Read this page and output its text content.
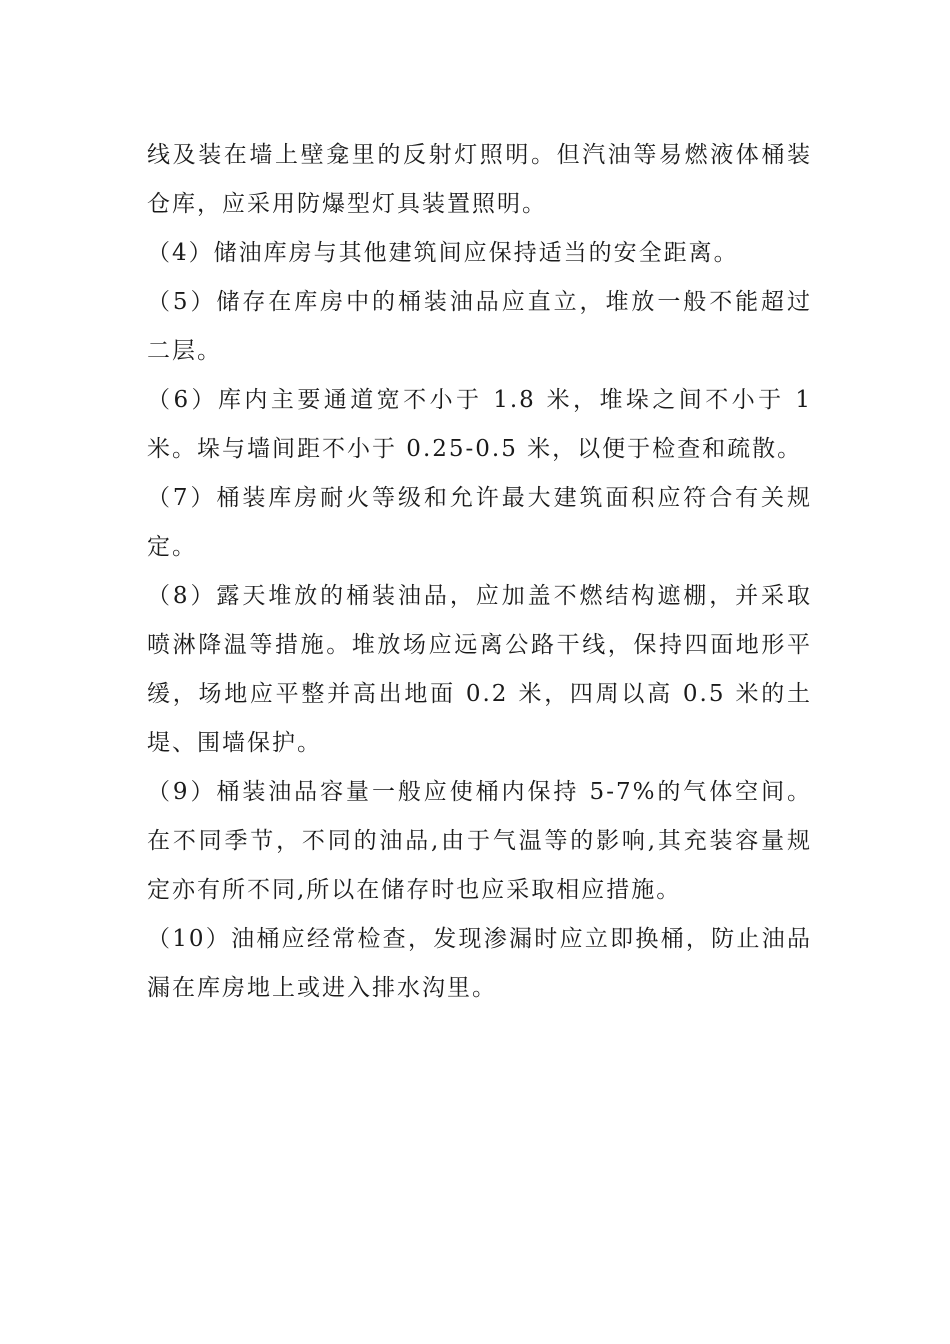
线及装在墙上壁龛里的反射灯照明。但汽油等易燃液体桶装仓库，应采用防爆型灯具装置照明。

（4）储油库房与其他建筑间应保持适当的安全距离。

（5）储存在库房中的桶装油品应直立，堆放一般不能超过二层。

（6）库内主要通道宽不小于 1.8 米，堆垛之间不小于 1 米。垛与墙间距不小于 0.25-0.5 米，以便于检查和疏散。

（7）桶装库房耐火等级和允许最大建筑面积应符合有关规定。

（8）露天堆放的桶装油品，应加盖不燃结构遮棚，并采取喷淋降温等措施。堆放场应远离公路干线，保持四面地形平缓，场地应平整并高出地面 0.2 米，四周以高 0.5 米的土堤、围墙保护。

（9）桶装油品容量一般应使桶内保持 5-7%的气体空间。在不同季节，不同的油品,由于气温等的影响,其充装容量规定亦有所不同,所以在储存时也应采取相应措施。

（10）油桶应经常检查，发现渗漏时应立即换桶，防止油品漏在库房地上或进入排水沟里。
